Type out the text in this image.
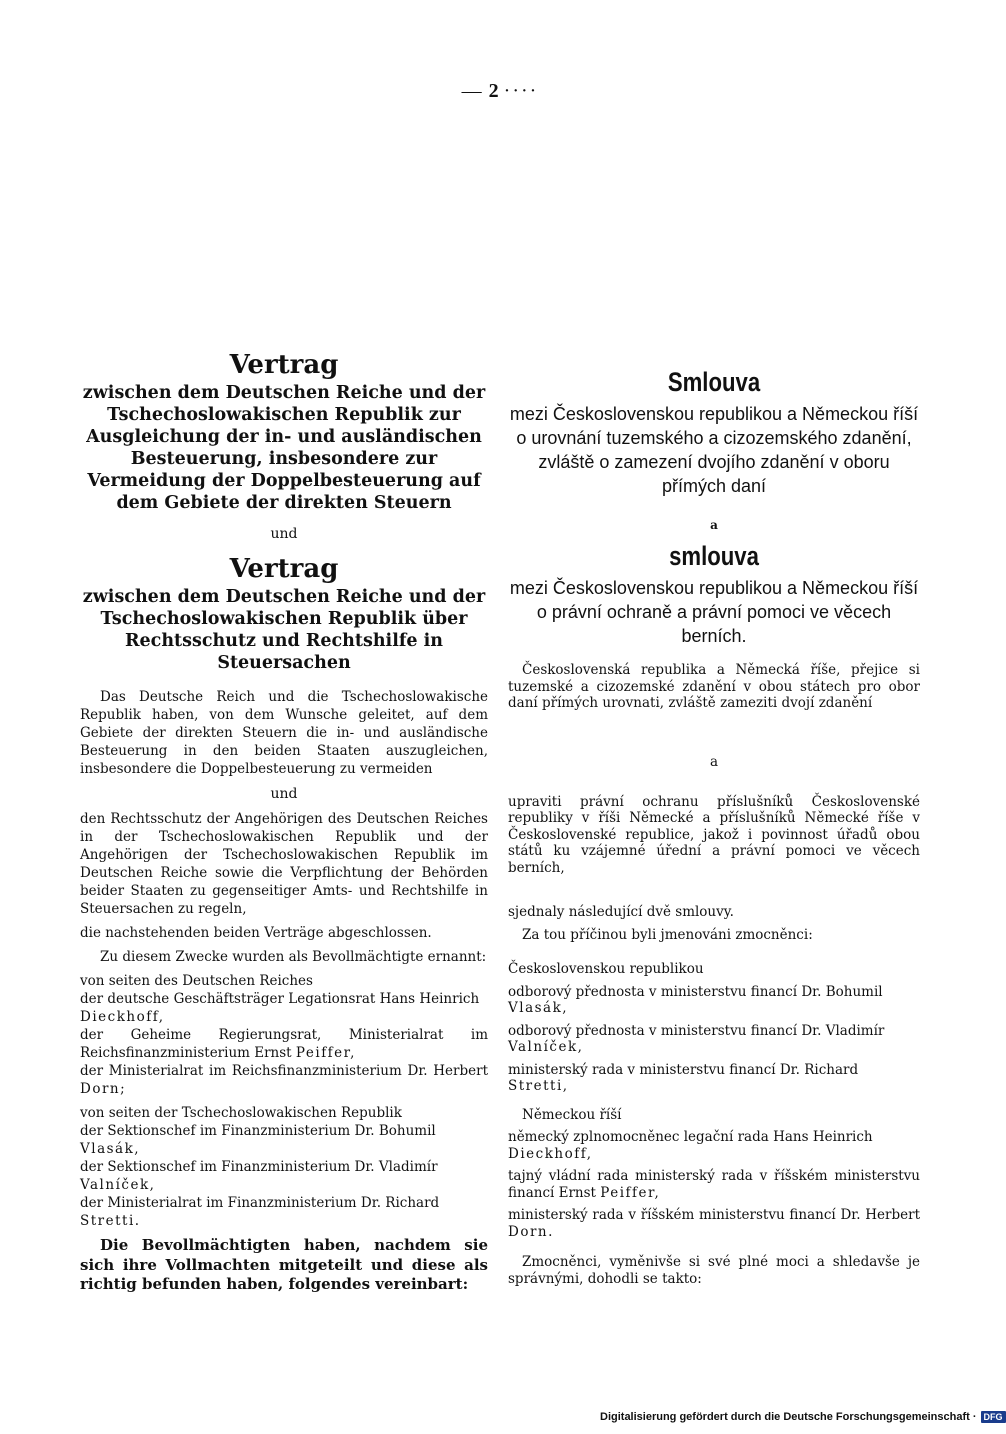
— 2 ····
Vertrag

zwischen dem Deutschen Reiche und der Tschechoslowakischen Republik zur Ausgleichung der in- und ausländischen Besteuerung, insbesondere zur Vermeidung der Doppelbesteuerung auf dem Gebiete der direkten Steuern

und

Vertrag

zwischen dem Deutschen Reiche und der Tschechoslowakischen Republik über Rechtsschutz und Rechtshilfe in Steuersachen

Das Deutsche Reich und die Tschechoslowakische Republik haben, von dem Wunsche geleitet, auf dem Gebiete der direkten Steuern die in- und ausländische Besteuerung in den beiden Staaten auszugleichen, insbesondere die Doppelbesteuerung zu vermeiden

und

den Rechtsschutz der Angehörigen des Deutschen Reiches in der Tschechoslowakischen Republik und der Angehörigen der Tschechoslowakischen Republik im Deutschen Reiche sowie die Verpflichtung der Behörden beider Staaten zu gegenseitiger Amts- und Rechtshilfe in Steuersachen zu regeln,

die nachstehenden beiden Verträge abgeschlossen.

Zu diesem Zwecke wurden als Bevollmächtigte ernannt:

von seiten des Deutschen Reiches

der deutsche Geschäftsträger Legationsrat Hans Heinrich
Dieckhoff,

der Geheime Regierungsrat, Ministerialrat im Reichsfinanzministerium Ernst Peiffer,

der Ministerialrat im Reichsfinanzministerium Dr. Herbert Dorn;

von seiten der Tschechoslowakischen Republik

der Sektionschef im Finanzministerium Dr. Bohumil
Vlasák,

der Sektionschef im Finanzministerium Dr. Vladimír
Valníček,

der Ministerialrat im Finanzministerium Dr. Richard
Stretti.

Die Bevollmächtigten haben, nachdem sie sich ihre Vollmachten mitgeteilt und diese als richtig befunden haben, folgendes vereinbart:

Smlouva

mezi Československou republikou a Německou říší o urovnání tuzemského a cizozemského zdanění, zvláště o zamezení dvojího zdanění v oboru přímých daní

a

smlouva

mezi Československou republikou a Německou říší o právní ochraně a právní pomoci ve věcech berních.

Československá republika a Německá říše, přejice si tuzemské a cizozemské zdanění v obou státech pro obor daní přímých urovnati, zvláště zameziti dvojí zdanění

a

upraviti právní ochranu příslušníků Československé republiky v říši Německé a příslušníků Německé říše v Československé republice, jakož i povinnost úřadů obou států ku vzájemné úřední a právní pomoci ve věcech berních,

sjednaly následující dvě smlouvy.

Za tou příčinou byli jmenováni zmocněnci:

Československou republikou

odborový přednosta v ministerstvu financí Dr. Bohumil
Vlasák,

odborový přednosta v ministerstvu financí Dr. Vladimír
Valníček,

ministerský rada v ministerstvu financí Dr. Richard
Stretti,

Německou říší

německý zplnomocněnec legační rada Hans Heinrich
Dieckhoff,

tajný vládní rada ministerský rada v říšském ministerstvu financí Ernst Peiffer,

ministerský rada v říšském ministerstvu financí Dr. Herbert Dorn.

Zmocněnci, vyměnivše si své plné moci a shledavše je správnými, dohodli se takto:

Digitalisierung gefördert durch die Deutsche Forschungsgemeinschaft · DFG
